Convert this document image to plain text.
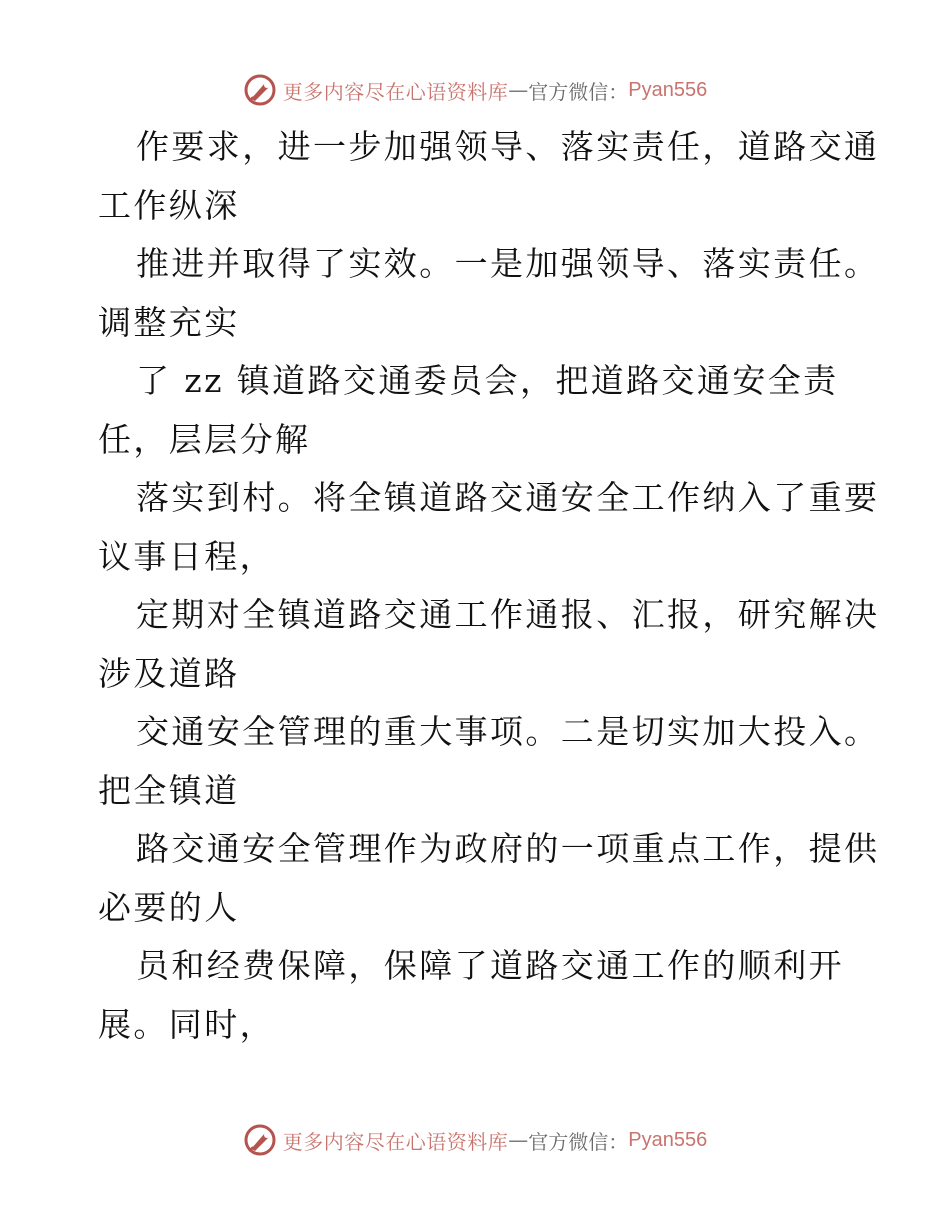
更多内容尽在心语资料库 — 官方微信： Pyan556
作要求，进一步加强领导、落实责任，道路交通
工作纵深
推进并取得了实效。一是加强领导、落实责任。
调整充实
了 zz 镇道路交通委员会，把道路交通安全责
任，层层分解
落实到村。将全镇道路交通安全工作纳入了重要
议事日程，
定期对全镇道路交通工作通报、汇报，研究解决
涉及道路
交通安全管理的重大事项。二是切实加大投入。
把全镇道
路交通安全管理作为政府的一项重点工作，提供
必要的人
员和经费保障，保障了道路交通工作的顺利开
展。同时，
更多内容尽在心语资料库 — 官方微信： Pyan556
